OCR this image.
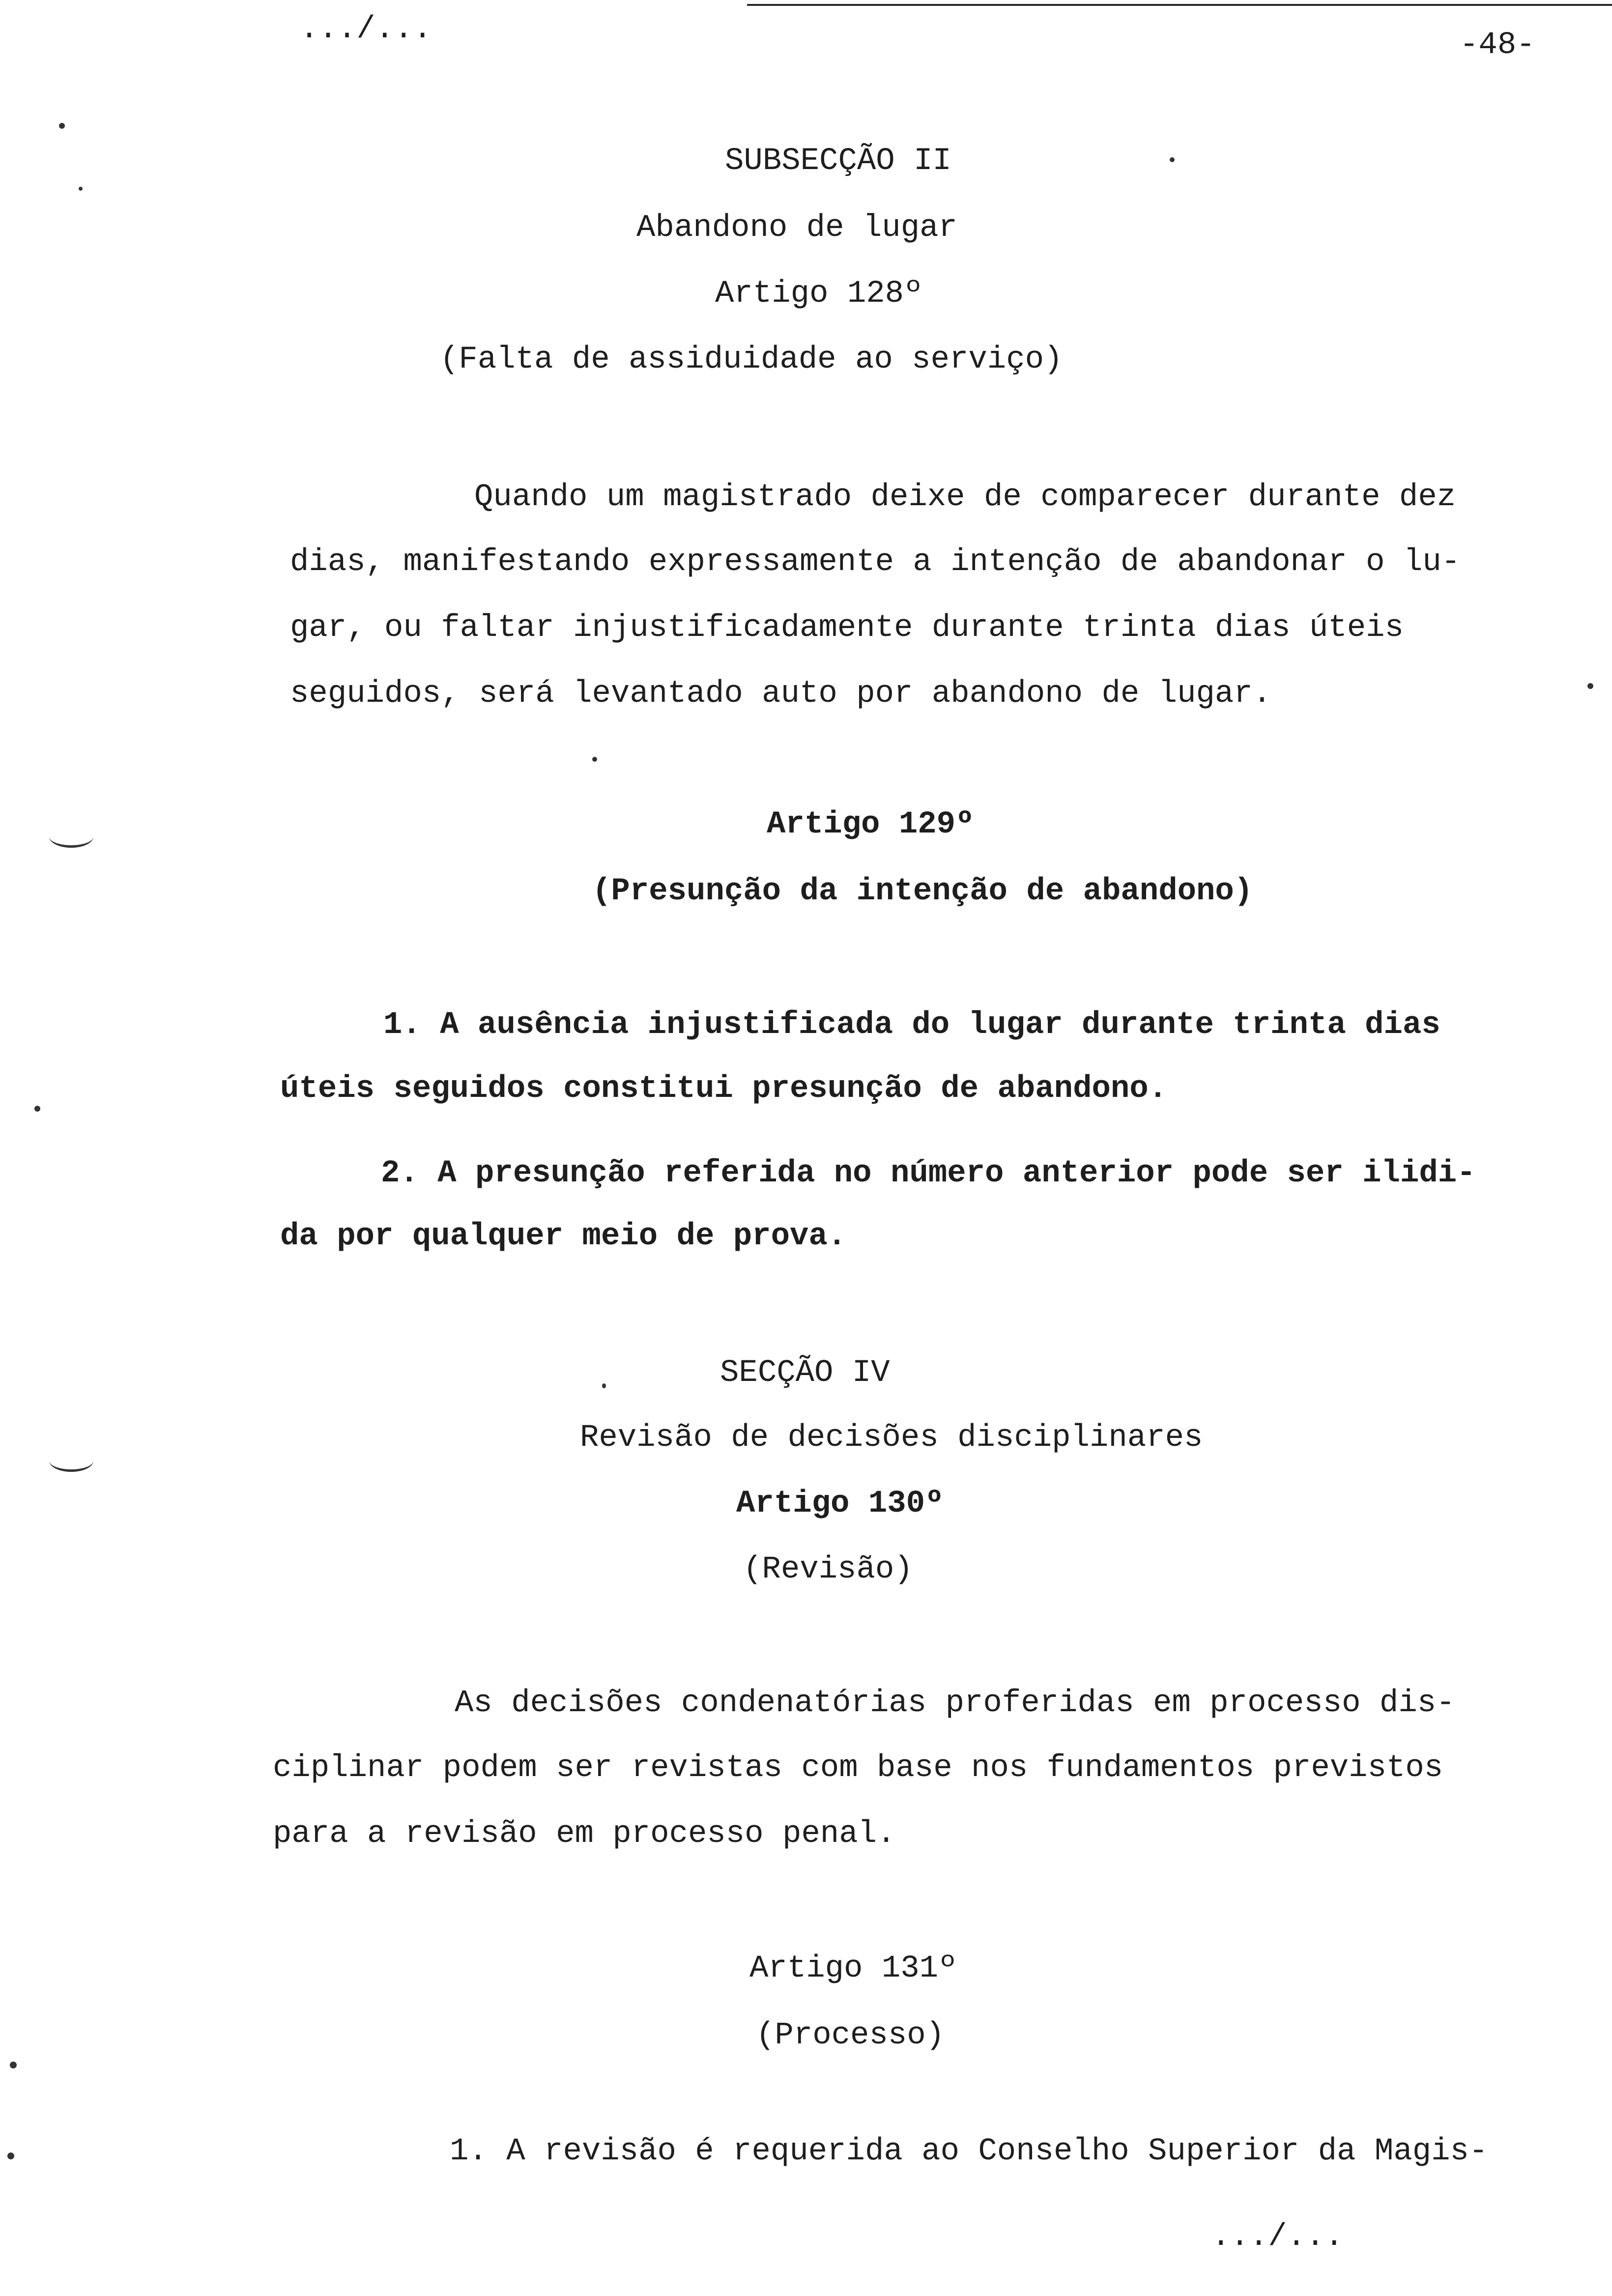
.../...	-48-
SUBSECÇÃO II
Abandono de lugar
Artigo 128º
(Falta de assiduidade ao serviço)
Quando um magistrado deixe de comparecer durante dez
dias, manifestando expressamente a intenção de abandonar o lu-
gar, ou faltar injustificadamente durante trinta dias úteis
seguidos, será levantado auto por abandono de lugar.
Artigo 129º
(Presunção da intenção de abandono)
1. A ausência injustificada do lugar durante trinta dias
úteis seguidos constitui presunção de abandono.
2. A presunção referida no número anterior pode ser ilidi-
da por qualquer meio de prova.
SECÇÃO IV
Revisão de decisões disciplinares
Artigo 130º
(Revisão)
As decisões condenatórias proferidas em processo dis-
ciplinar podem ser revistas com base nos fundamentos previstos
para a revisão em processo penal.
Artigo 131º
(Processo)
1. A revisão é requerida ao Conselho Superior da Magis-
.../...
